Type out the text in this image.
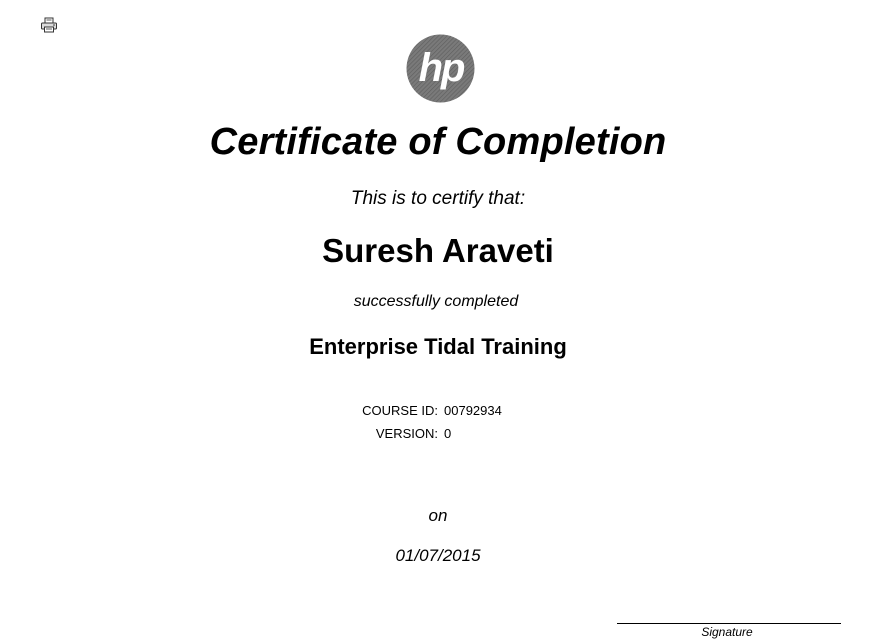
hp
Certificate of Completion
This is to certify that:
Suresh Araveti
successfully completed
Enterprise Tidal Training
COURSE ID: 00792934
VERSION: 0
on
01/07/2015
Signature
